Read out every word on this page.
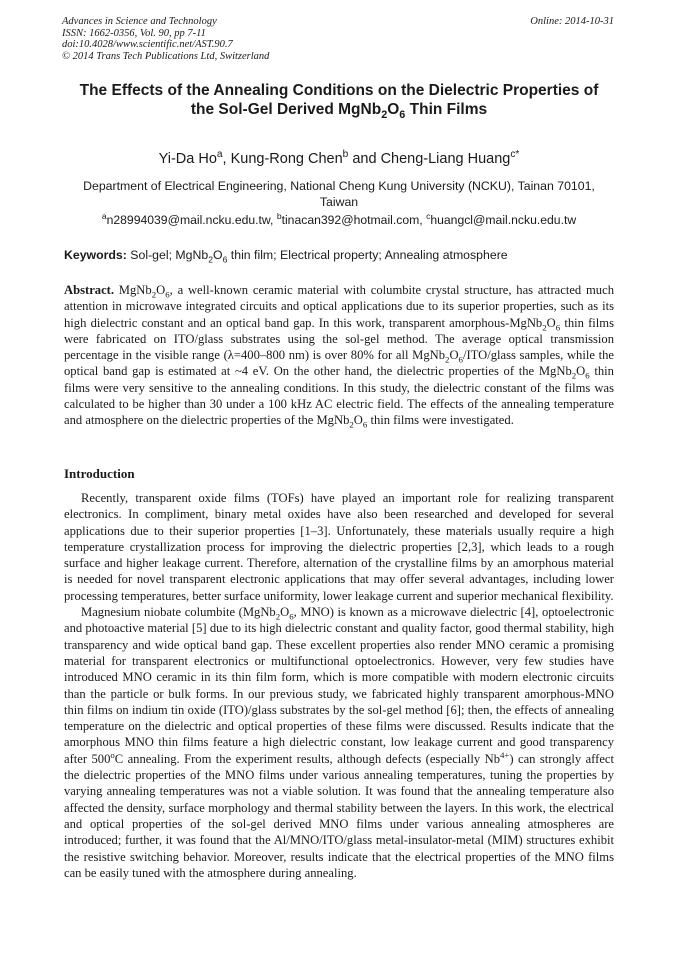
Advances in Science and Technology
ISSN: 1662-0356, Vol. 90, pp 7-11
doi:10.4028/www.scientific.net/AST.90.7
© 2014 Trans Tech Publications Ltd, Switzerland
Online: 2014-10-31
The Effects of the Annealing Conditions on the Dielectric Properties of
the Sol-Gel Derived $MgNb_2O_6$ Thin Films
Yi-Da Ho$^a$, Kung-Rong Chen$^b$ and Cheng-Liang Huang$^{c*}$
Department of Electrical Engineering, National Cheng Kung University (NCKU), Tainan 70101,
Taiwan
$^a$n28994039@mail.ncku.edu.tw, $^b$tinacan392@hotmail.com, $^c$huangcl@mail.ncku.edu.tw
Keywords: Sol-gel; $MgNb_2O_6$ thin film; Electrical property; Annealing atmosphere
Abstract. $MgNb_2O_6$, a well-known ceramic material with columbite crystal structure, has attracted much attention in microwave integrated circuits and optical applications due to its superior properties, such as its high dielectric constant and an optical band gap. In this work, transparent amorphous-$MgNb_2O_6$ thin films were fabricated on ITO/glass substrates using the sol-gel method. The average optical transmission percentage in the visible range (λ=400–800 nm) is over 80% for all $MgNb_2O_6/ITO$/glass samples, while the optical band gap is estimated at ~4 eV. On the other hand, the dielectric properties of the $MgNb_2O_6$ thin films were very sensitive to the annealing conditions. In this study, the dielectric constant of the films was calculated to be higher than 30 under a 100 kHz AC electric field. The effects of the annealing temperature and atmosphere on the dielectric properties of the $MgNb_2O_6$ thin films were investigated.
Introduction

Recently, transparent oxide films (TOFs) have played an important role for realizing transparent electronics. In compliment, binary metal oxides have also been researched and developed for several applications due to their superior properties [1–3]. Unfortunately, these materials usually require a high temperature crystallization process for improving the dielectric properties [2,3], which leads to a rough surface and higher leakage current. Therefore, alternation of the crystalline films by an amorphous material is needed for novel transparent electronic applications that may offer several advantages, including lower processing temperatures, better surface uniformity, lower leakage current and superior mechanical flexibility.

Magnesium niobate columbite ($MgNb_2O_6$, MNO) is known as a microwave dielectric [4], optoelectronic and photoactive material [5] due to its high dielectric constant and quality factor, good thermal stability, high transparency and wide optical band gap. These excellent properties also render MNO ceramic a promising material for transparent electronics or multifunctional optoelectronics. However, very few studies have introduced MNO ceramic in its thin film form, which is more compatible with modern electronic circuits than the particle or bulk forms. In our previous study, we fabricated highly transparent amorphous-MNO thin films on indium tin oxide (ITO)/glass substrates by the sol-gel method [6]; then, the effects of annealing temperature on the dielectric and optical properties of these films were discussed. Results indicate that the amorphous MNO thin films feature a high dielectric constant, low leakage current and good transparency after 500$^o$C annealing. From the experiment results, although defects (especially $Nb^{4+}$) can strongly affect the dielectric properties of the MNO films under various annealing temperatures, tuning the properties by varying annealing temperatures was not a viable solution. It was found that the annealing temperature also affected the density, surface morphology and thermal stability between the layers. In this work, the electrical and optical properties of the sol-gel derived MNO films under various annealing atmospheres are introduced; further, it was found that the Al/MNO/ITO/glass metal-insulator-metal (MIM) structures exhibit the resistive switching behavior. Moreover, results indicate that the electrical properties of the MNO films can be easily tuned with the atmosphere during annealing.
